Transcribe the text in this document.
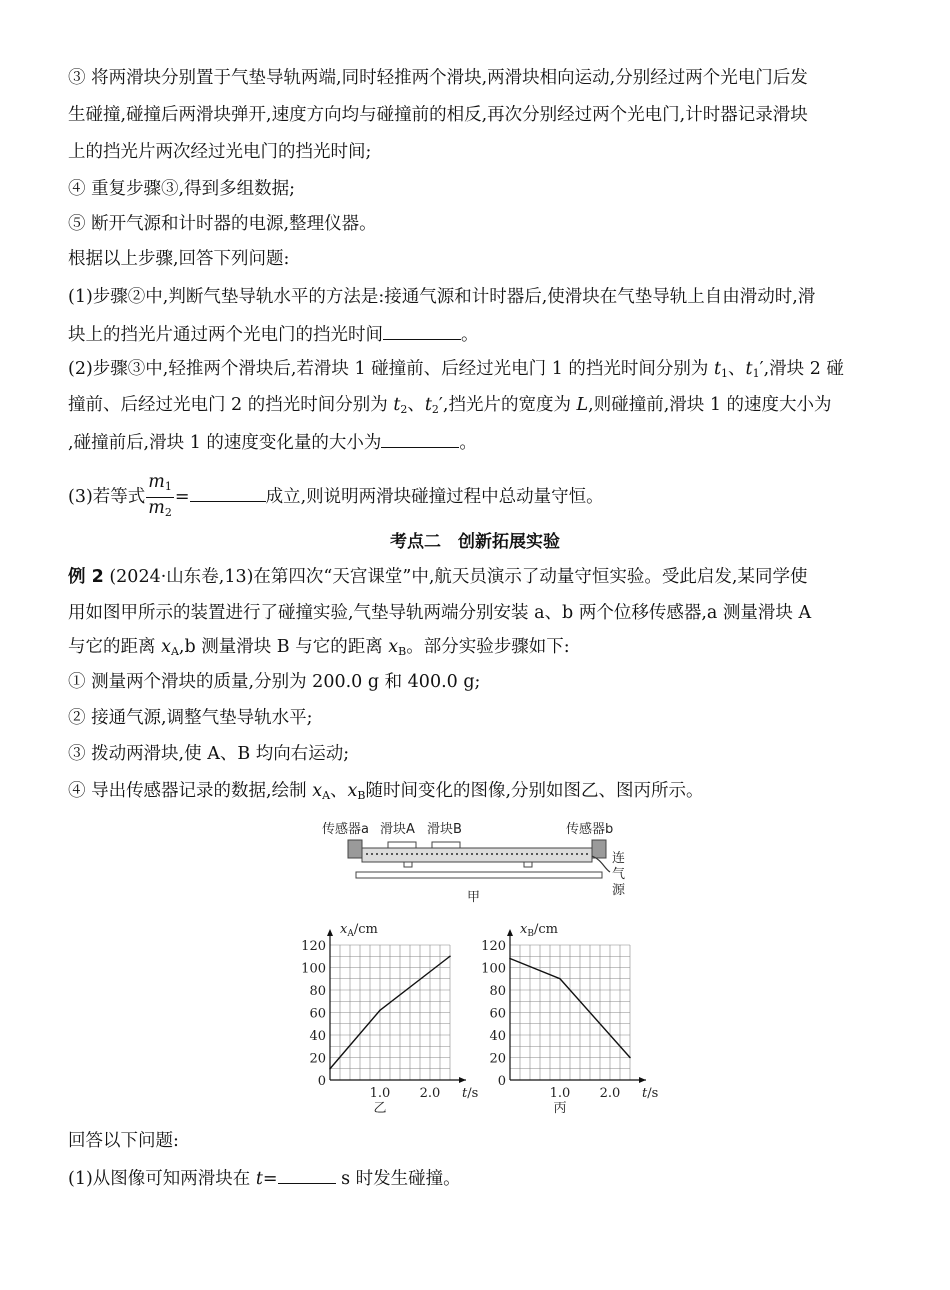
③ 将两滑块分别置于气垫导轨两端,同时轻推两个滑块,两滑块相向运动,分别经过两个光电门后发
生碰撞,碰撞后两滑块弹开,速度方向均与碰撞前的相反,再次分别经过两个光电门,计时器记录滑块
上的挡光片两次经过光电门的挡光时间;
④ 重复步骤③,得到多组数据;
⑤ 断开气源和计时器的电源,整理仪器。
根据以上步骤,回答下列问题:
(1)步骤②中,判断气垫导轨水平的方法是:接通气源和计时器后,使滑块在气垫导轨上自由滑动时,滑
块上的挡光片通过两个光电门的挡光时间	。
(2)步骤③中,轻推两个滑块后,若滑块 1 碰撞前、后经过光电门 1 的挡光时间分别为 $t_1$、$t_1'$,滑块 2 碰
撞前、后经过光电门 2 的挡光时间分别为 $t_2$、$t_2'$,挡光片的宽度为 L,则碰撞前,滑块 1 的速度大小为
,碰撞前后,滑块 1 的速度变化量的大小为	。
(3)若等式 $\frac{m_1}{m_2}$ =	成立,则说明两滑块碰撞过程中总动量守恒。
考点二　创新拓展实验
例 2 (2024·山东卷,13)在第四次“天宫课堂”中,航天员演示了动量守恒实验。受此启发,某同学使
用如图甲所示的装置进行了碰撞实验,气垫导轨两端分别安装 a、b 两个位移传感器,a 测量滑块 A
与它的距离 $x_A,b$ 测量滑块 B 与它的距离 $x_B$。部分实验步骤如下:
① 测量两个滑块的质量,分别为 200.0 g 和 400.0 g;
② 接通气源,调整气垫导轨水平;
③ 拨动两滑块,使 A、B 均向右运动;
④ 导出传感器记录的数据,绘制 $x_A$、$x_B$随时间变化的图像,分别如图乙、图丙所示。
传感器a 滑块A 滑块B	传感器b
连
气
源
甲
0
20
40
60
80
100
120
1.0 2.0 t/s
$x_A/cm$
乙
0
20
40
60
80
100
120
1.0 2.0 t/s
$x_B/cm$
丙
回答以下问题:
(1)从图像可知两滑块在 t=	s 时发生碰撞。
